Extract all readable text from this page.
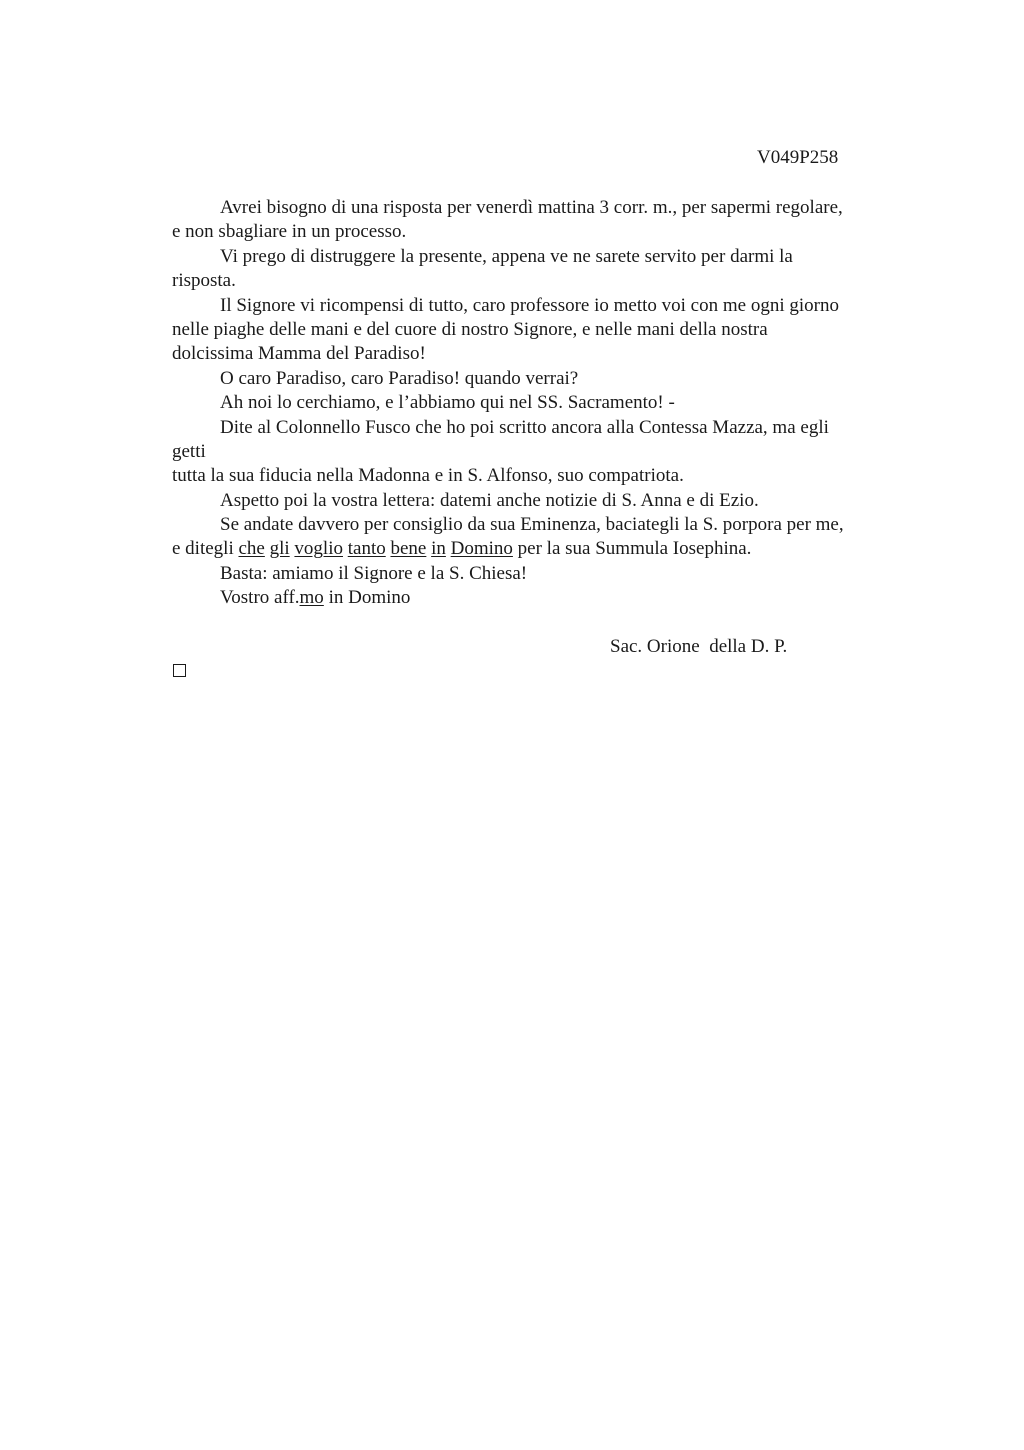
V049P258
Avrei bisogno di una risposta per venerdì mattina 3 corr. m., per sapermi regolare,
e non sbagliare in un processo.
Vi prego di distruggere la presente, appena ve ne sarete servito per darmi la
risposta.
Il Signore vi ricompensi di tutto, caro professore io metto voi con me ogni giorno
nelle piaghe delle mani e del cuore di nostro Signore, e nelle mani della nostra
dolcissima Mamma del Paradiso!
O caro Paradiso, caro Paradiso! quando verrai?
Ah noi lo cerchiamo, e l’abbiamo qui nel SS. Sacramento! -
Dite al Colonnello Fusco che ho poi scritto ancora alla Contessa Mazza, ma egli
getti
tutta la sua fiducia nella Madonna e in S. Alfonso, suo compatriota.
Aspetto poi la vostra lettera: datemi anche notizie di S. Anna e di Ezio.
Se andate davvero per consiglio da sua Eminenza, baciategli la S. porpora per me,
e ditegli che gli voglio tanto bene in Domino per la sua Summula Iosephina.
Basta: amiamo il Signore e la S. Chiesa!
Vostro aff.mo in Domino
Sac. Orione  della D. P.
